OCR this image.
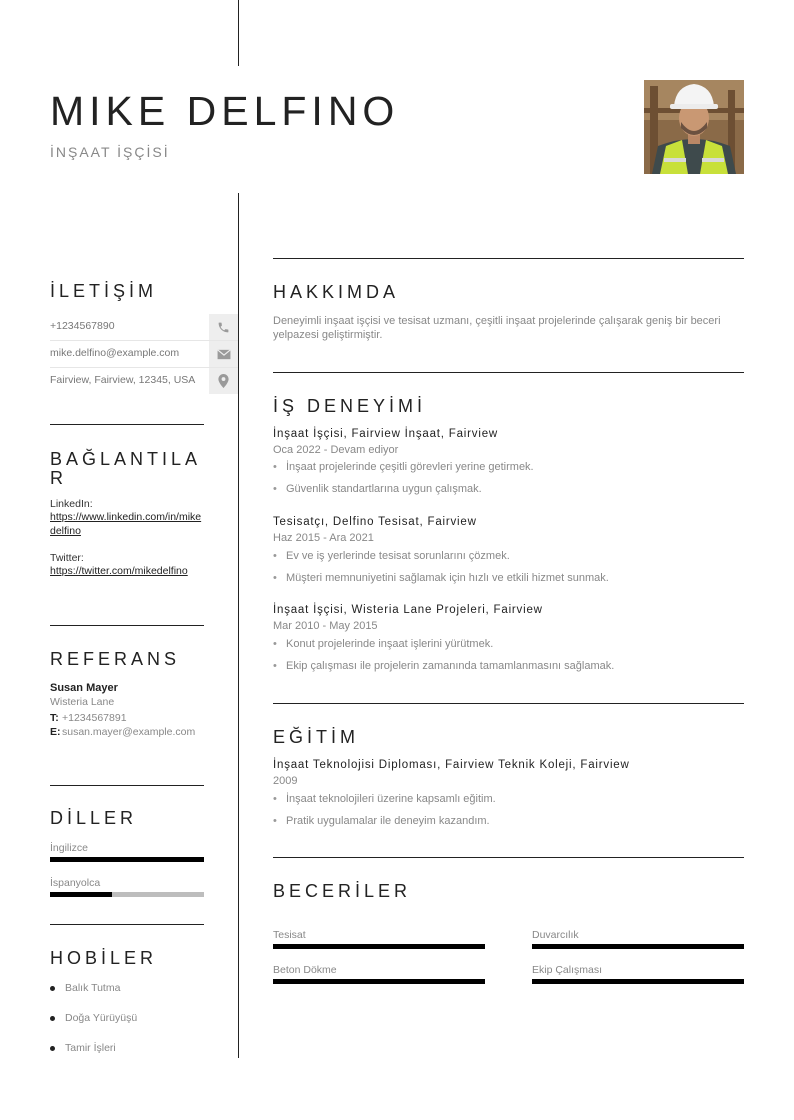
MIKE DELFINO
İNŞAAT İŞÇİSİ
İLETİŞİM
+1234567890
mike.delfino@example.com
Fairview, Fairview, 12345, USA
BAĞLANTILAR
LinkedIn:
https://www.linkedin.com/in/mikedelfino
Twitter:
https://twitter.com/mikedelfino
REFERANS
Susan Mayer
Wisteria Lane
T: +1234567891
E: susan.mayer@example.com
DİLLER
İngilizce
İspanyolca
HOBİLER
Balık Tutma
Doğa Yürüyüşü
Tamir İşleri
HAKKIMDA
Deneyimli inşaat işçisi ve tesisat uzmanı, çeşitli inşaat projelerinde çalışarak geniş bir beceri yelpazesi geliştirmiştir.
İŞ DENEYİMİ
İnşaat İşçisi, Fairview İnşaat, Fairview
Oca 2022 - Devam ediyor
• İnşaat projelerinde çeşitli görevleri yerine getirmek.
• Güvenlik standartlarına uygun çalışmak.
Tesisatçı, Delfino Tesisat, Fairview
Haz 2015 - Ara 2021
• Ev ve iş yerlerinde tesisat sorunlarını çözmek.
• Müşteri memnuniyetini sağlamak için hızlı ve etkili hizmet sunmak.
İnşaat İşçisi, Wisteria Lane Projeleri, Fairview
Mar 2010 - May 2015
• Konut projelerinde inşaat işlerini yürütmek.
• Ekip çalışması ile projelerin zamanında tamamlanmasını sağlamak.
EĞİTİM
İnşaat Teknolojisi Diploması, Fairview Teknik Koleji, Fairview
2009
• İnşaat teknolojileri üzerine kapsamlı eğitim.
• Pratik uygulamalar ile deneyim kazandım.
BECERİLER
Tesisat	Duvarcılık
Beton Dökme	Ekip Çalışması
